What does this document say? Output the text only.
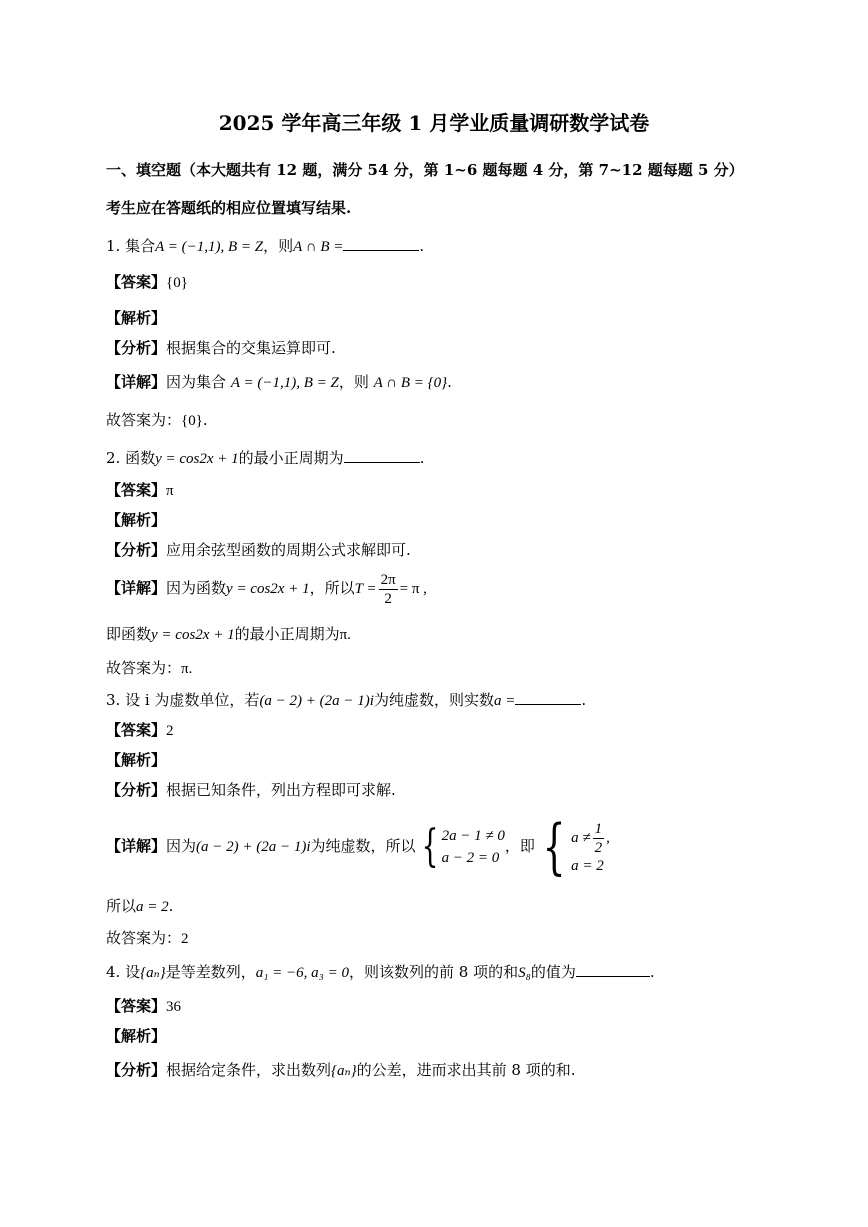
2025 学年高三年级 1 月学业质量调研数学试卷
一、填空题（本大题共有 12 题，满分 54 分，第 1~6 题每题 4 分，第 7~12 题每题 5 分）
考生应在答题纸的相应位置填写结果.
1. 集合A = (−1,1), B = Z，则A ∩ B =	.
【答案】{0}
【解析】
【分析】根据集合的交集运算即可.
【详解】因为集合 A = (−1,1), B = Z，则 A ∩ B = {0}.
故答案为：{0}.
2. 函数y = cos2x + 1的最小正周期为	.
【答案】π
【解析】
【分析】应用余弦型函数的周期公式求解即可.
【详解】因为函数y = cos2x + 1，所以$T = \frac{2\pi}{2} = \pi$ ,
即函数y = cos2x + 1的最小正周期为π.
故答案为：π.
3. 设 i 为虚数单位，若(a − 2) + (2a − 1)i为纯虚数，则实数a =	.
【答案】2
【解析】
【分析】根据已知条件，列出方程即可求解.
【详解】因为(a − 2) + (2a − 1)i为纯虚数，所以 { 2a − 1 ≠ 0
a − 2 = 0
，即 { $a \ne \frac{1}{2}$ ,
a = 2
所以a = 2.
故答案为：2
4. 设{aₙ}是等差数列，a₁ = −6, a₃ = 0，则该数列的前 8 项的和S₈的值为	.
【答案】36
【解析】
【分析】根据给定条件，求出数列{aₙ}的公差，进而求出其前 8 项的和.
